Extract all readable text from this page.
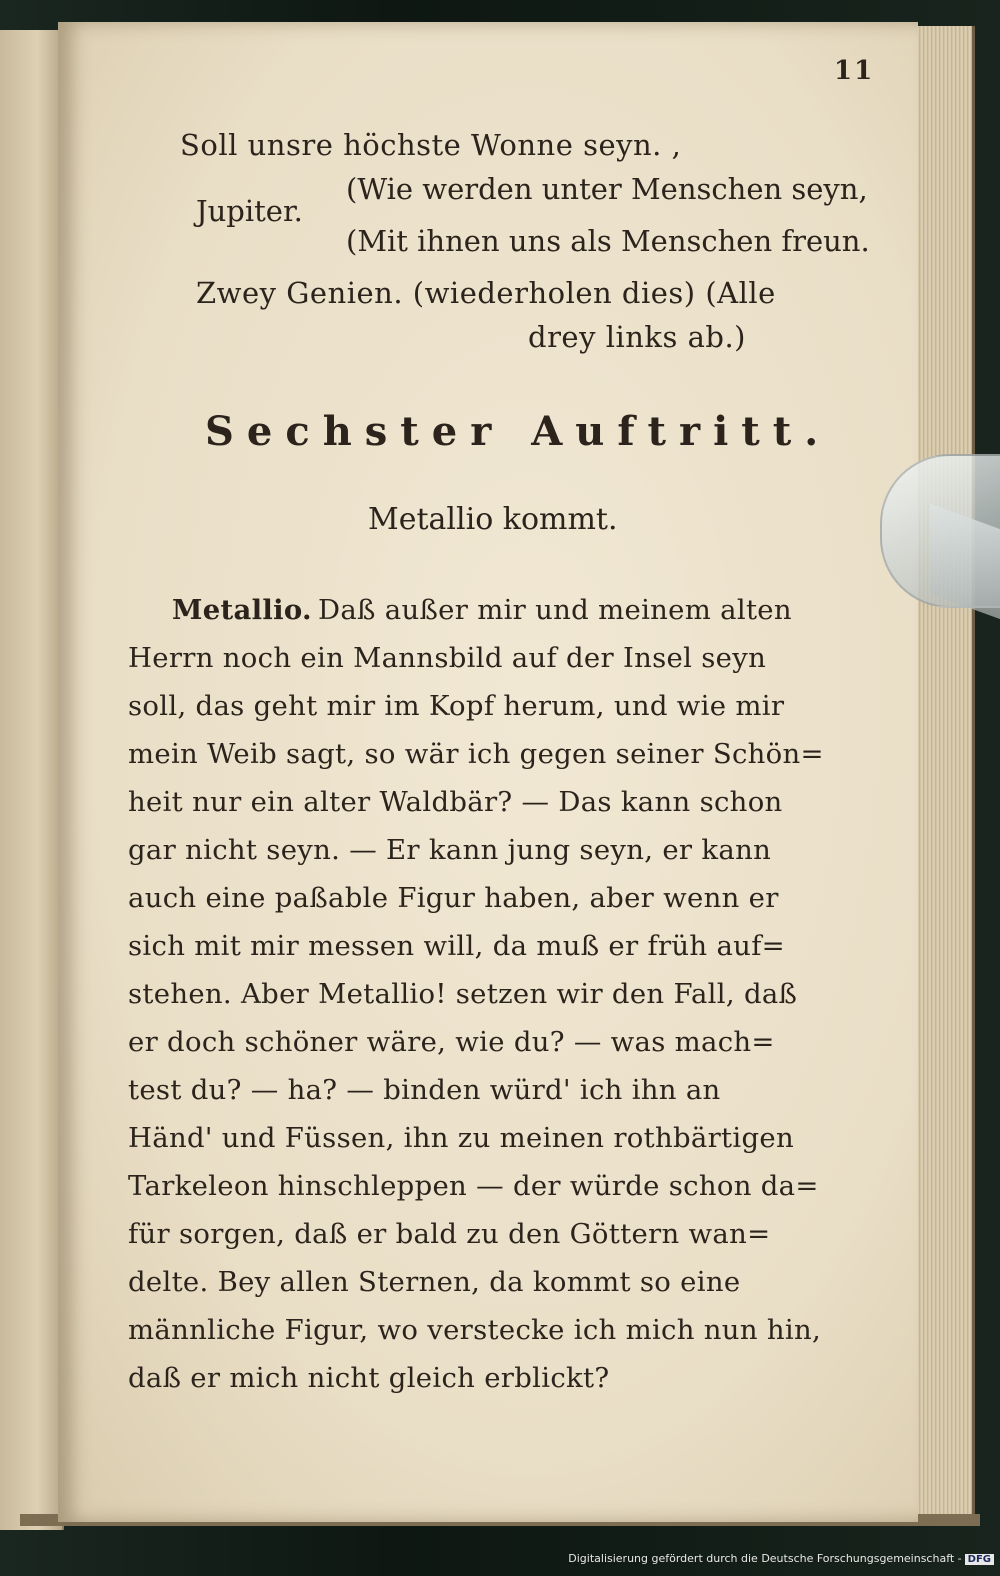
11
Soll unsre höchste Wonne seyn. ,
Jupiter.
(Wie werden unter Menschen seyn,
(Mit ihnen uns als Menschen freun.
Zwey Genien. (wiederholen dies) (Alle
drey links ab.)
Sechster Auftritt.
Metallio kommt.
Metallio. Daß außer mir und meinem alten
Herrn noch ein Mannsbild auf der Insel seyn
soll, das geht mir im Kopf herum, und wie mir
mein Weib sagt, so wär ich gegen seiner Schön=
heit nur ein alter Waldbär? — Das kann schon
gar nicht seyn. — Er kann jung seyn, er kann
auch eine paßable Figur haben, aber wenn er
sich mit mir messen will, da muß er früh auf=
stehen. Aber Metallio! setzen wir den Fall, daß
er doch schöner wäre, wie du? — was mach=
test du? — ha? — binden würd' ich ihn an
Händ' und Füssen, ihn zu meinen rothbärtigen
Tarkeleon hinschleppen — der würde schon da=
für sorgen, daß er bald zu den Göttern wan=
delte. Bey allen Sternen, da kommt so eine
männliche Figur, wo verstecke ich mich nun hin,
daß er mich nicht gleich erblickt?
Digitalisierung gefördert durch die Deutsche Forschungsgemeinschaft - DFG
